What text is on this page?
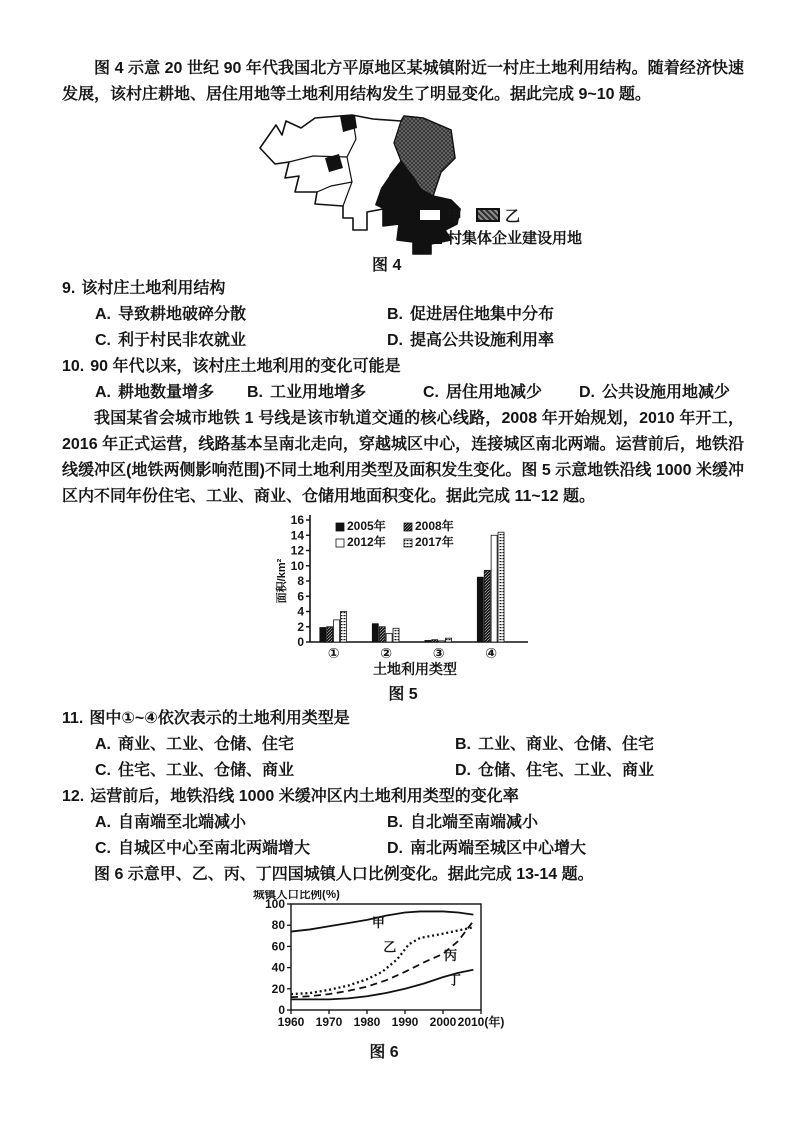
图 4 示意 20 世纪 90 年代我国北方平原地区某城镇附近一村庄土地利用结构。随着经济快速发展，该村庄耕地、居住用地等土地利用结构发生了明显变化。据此完成 9~10 题。

甲	乙
村集体企业建设用地
图 4
9. 该村庄土地利用结构
A. 导致耕地破碎分散	B. 促进居住地集中分布
C. 利于村民非农就业	D. 提高公共设施利用率
10. 90 年代以来，该村庄土地利用的变化可能是
A. 耕地数量增多	B. 工业用地增多	C. 居住用地减少	D. 公共设施用地减少

我国某省会城市地铁 1 号线是该市轨道交通的核心线路，2008 年开始规划，2010 年开工，2016 年正式运营，线路基本呈南北走向，穿越城区中心，连接城区南北两端。运营前后，地铁沿线缓冲区(地铁两侧影响范围)不同土地利用类型及面积发生变化。图 5 示意地铁沿线 1000 米缓冲区内不同年份住宅、工业、商业、仓储用地面积变化。据此完成 11~12 题。

0
2
4
6
8
10
12
14
16
面积/km²
①	②	③	④
土地利用类型
2005年 2008年
2012年 2017年
图 5
11. 图中①~④依次表示的土地利用类型是
A. 商业、工业、仓储、住宅	B. 工业、商业、仓储、住宅
C. 住宅、工业、仓储、商业	D. 仓储、住宅、工业、商业
12. 运营前后，地铁沿线 1000 米缓冲区内土地利用类型的变化率
A. 自南端至北端减小	B. 自北端至南端减小
C. 自城区中心至南北两端增大	D. 南北两端至城区中心增大

图 6 示意甲、乙、丙、丁四国城镇人口比例变化。据此完成 13-14 题。

0
20
40
60
80
100
1960 1970 1980 1990 2000 2010(年)
城镇人口比例(%)
甲
乙
丙
丁
图 6
